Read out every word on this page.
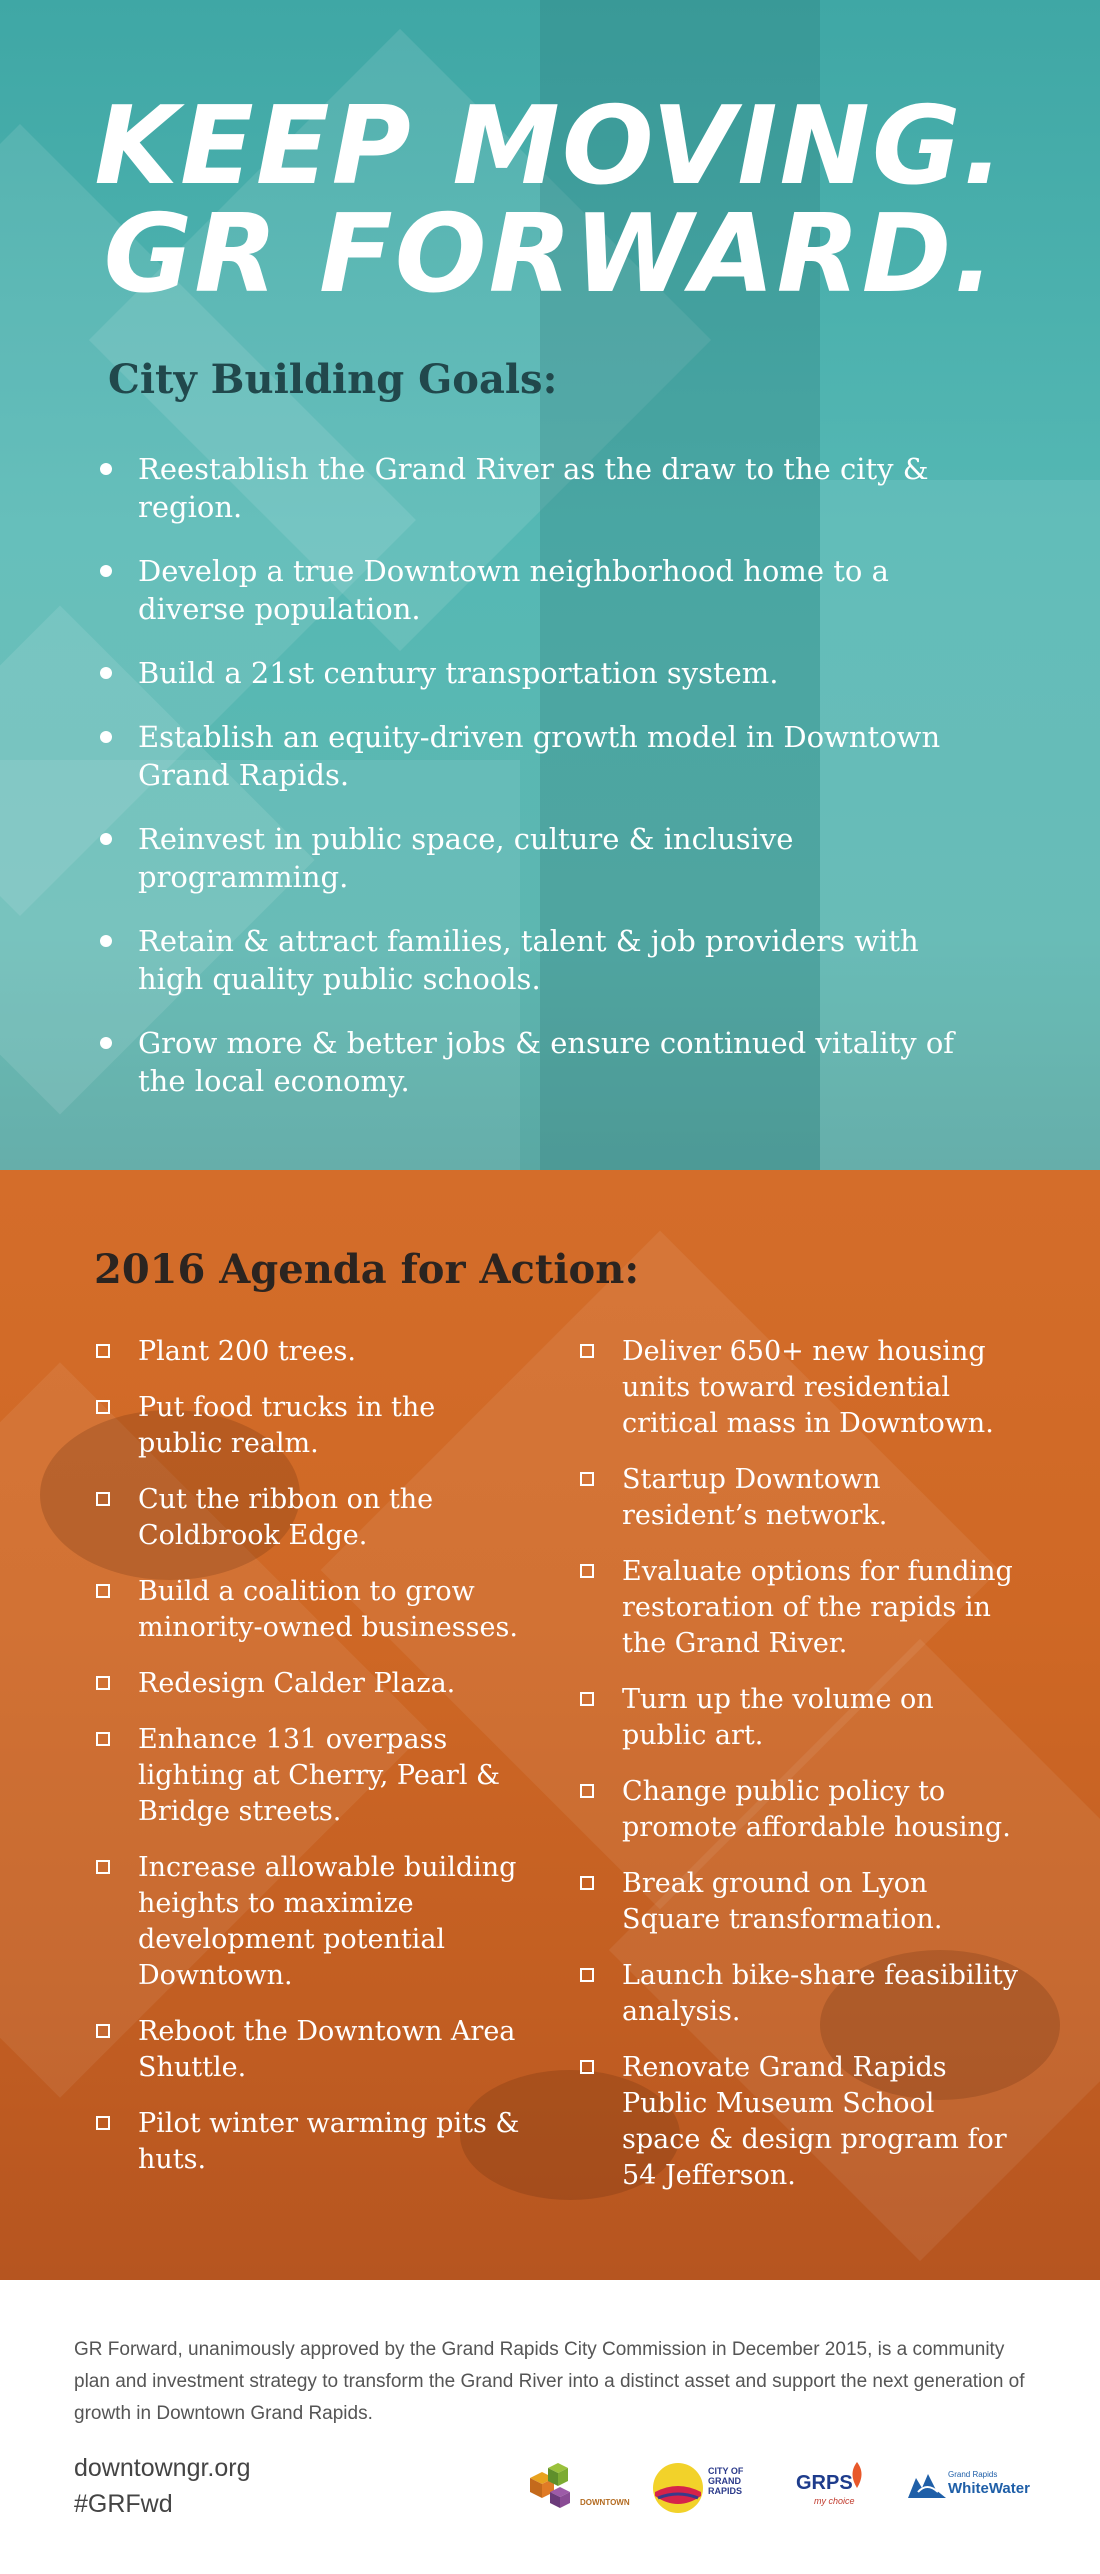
KEEP MOVING.
GR FORWARD.
City Building Goals:
Reestablish the Grand River as the draw to the city & region.
Develop a true Downtown neighborhood home to a diverse population.
Build a 21st century transportation system.
Establish an equity-driven growth model in Downtown Grand Rapids.
Reinvest in public space, culture & inclusive programming.
Retain & attract families, talent & job providers with high quality public schools.
Grow more & better jobs & ensure continued vitality of the local economy.
2016 Agenda for Action:
Plant 200 trees.
Put food trucks in the public realm.
Cut the ribbon on the Coldbrook Edge.
Build a coalition to grow minority-owned businesses.
Redesign Calder Plaza.
Enhance 131 overpass lighting at Cherry, Pearl & Bridge streets.
Increase allowable building heights to maximize development potential Downtown.
Reboot the Downtown Area Shuttle.
Pilot winter warming pits & huts.
Deliver 650+ new housing units toward residential critical mass in Downtown.
Startup Downtown resident’s network.
Evaluate options for funding restoration of the rapids in the Grand River.
Turn up the volume on public art.
Change public policy to promote affordable housing.
Break ground on Lyon Square transformation.
Launch bike-share feasibility analysis.
Renovate Grand Rapids Public Museum School space & design program for 54 Jefferson.
GR Forward, unanimously approved by the Grand Rapids City Commission in December 2015, is a community plan and investment strategy to transform the Grand River into a distinct asset and support the next generation of growth in Downtown Grand Rapids.
downtowngr.org
#GRFwd	DOWNTOWN
CITY OF
GRAND
RAPIDS	GRPS
my choice
Grand Rapids
WhiteWater
